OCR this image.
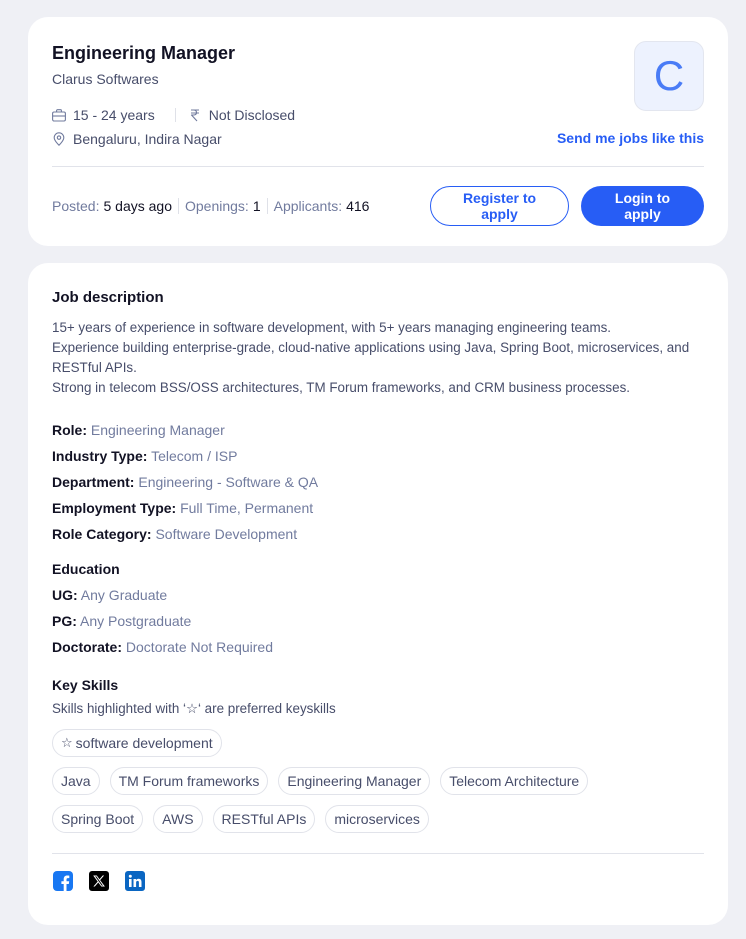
Engineering Manager
Clarus Softwares	C
15 - 24 years	Not Disclosed
Bengaluru, Indira Nagar	Send me jobs like this
Posted: 5 days ago Openings: 1 Applicants: 416	Register to apply
Login to apply
Job description
15+ years of experience in software development, with 5+ years managing engineering teams.
Experience building enterprise-grade, cloud-native applications using Java, Spring Boot, microservices, and RESTful APIs.
Strong in telecom BSS/OSS architectures, TM Forum frameworks, and CRM business processes.
Role: Engineering Manager
Industry Type: Telecom / ISP
Department: Engineering - Software & QA
Employment Type: Full Time, Permanent
Role Category: Software Development
Education
UG: Any Graduate
PG: Any Postgraduate
Doctorate: Doctorate Not Required
Key Skills
Skills highlighted with ‘☆‘ are preferred keyskills
☆ software development
Java	TM Forum frameworks	Engineering Manager	Telecom Architecture
Spring Boot	AWS	RESTful APIs	microservices
